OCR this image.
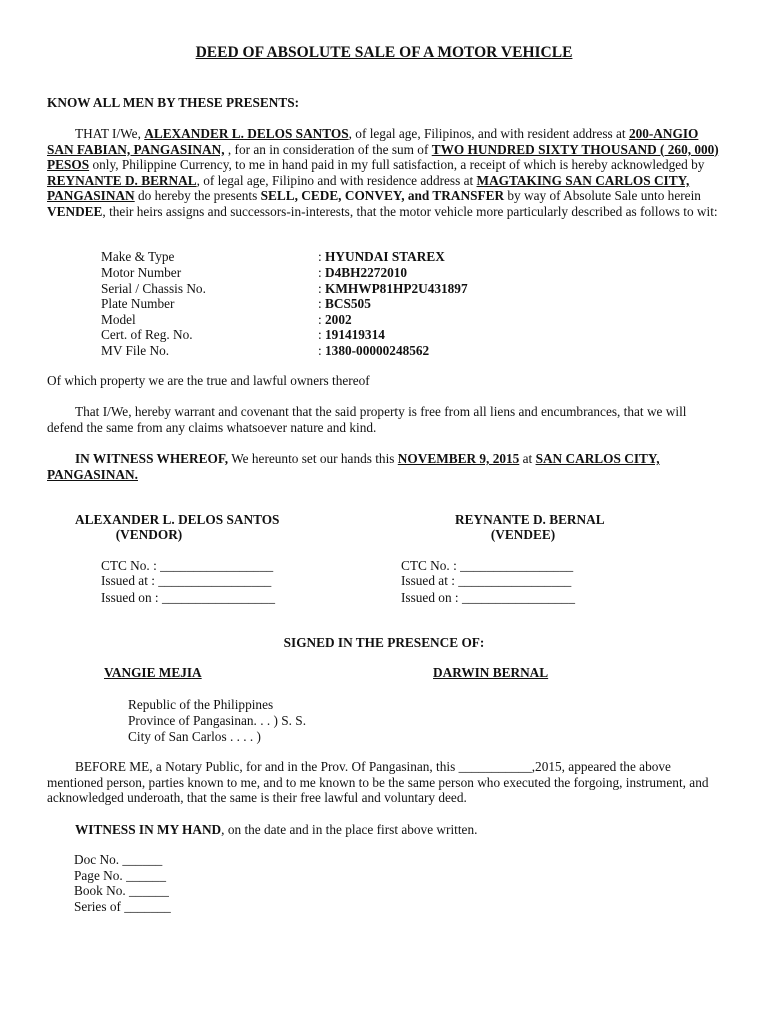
DEED OF ABSOLUTE SALE OF A MOTOR VEHICLE
KNOW ALL MEN BY THESE PRESENTS:
THAT I/We, ALEXANDER L. DELOS SANTOS, of legal age, Filipinos, and with resident address at 200-ANGIO SAN FABIAN, PANGASINAN, , for an in consideration of the sum of TWO HUNDRED SIXTY THOUSAND ( 260, 000) PESOS only, Philippine Currency, to me in hand paid in my full satisfaction, a receipt of which is hereby acknowledged by REYNANTE D. BERNAL, of legal age, Filipino and with residence address at MAGTAKING SAN CARLOS CITY, PANGASINAN do hereby the presents SELL, CEDE, CONVEY, and TRANSFER by way of Absolute Sale unto herein VENDEE, their heirs assigns and successors-in-interests, that the motor vehicle more particularly described as follows to wit:
Make & Type	: HYUNDAI STAREX
Motor Number	: D4BH2272010
Serial / Chassis No.	: KMHWP81HP2U431897
Plate Number	: BCS505
Model	: 2002
Cert. of Reg. No.	: 191419314
MV File No.	: 1380-00000248562
Of which property we are the true and lawful owners thereof
That I/We, hereby warrant and covenant that the said property is free from all liens and encumbrances, that we will defend the same from any claims whatsoever nature and kind.
IN WITNESS WHEREOF, We hereunto set our hands this NOVEMBER 9, 2015 at SAN CARLOS CITY, PANGASINAN.
ALEXANDER L. DELOS SANTOS
(VENDOR)
REYNANTE D. BERNAL
(VENDEE)
CTC No. : _________________
Issued at : _________________
Issued on : _________________
CTC No. : _________________
Issued at : _________________
Issued on : _________________
SIGNED IN THE PRESENCE OF:
VANGIE MEJIA	DARWIN BERNAL
Republic of the Philippines
Province of Pangasinan. . . ) S. S.
City of San Carlos . . . . )
BEFORE ME, a Notary Public, for and in the Prov. Of Pangasinan, this ___________,2015, appeared the above mentioned person, parties known to me, and to me known to be the same person who executed the forgoing, instrument, and acknowledged underoath, that the same is their free lawful and voluntary deed.
WITNESS IN MY HAND, on the date and in the place first above written.
Doc No. ______
Page No. ______
Book No. ______
Series of _______
